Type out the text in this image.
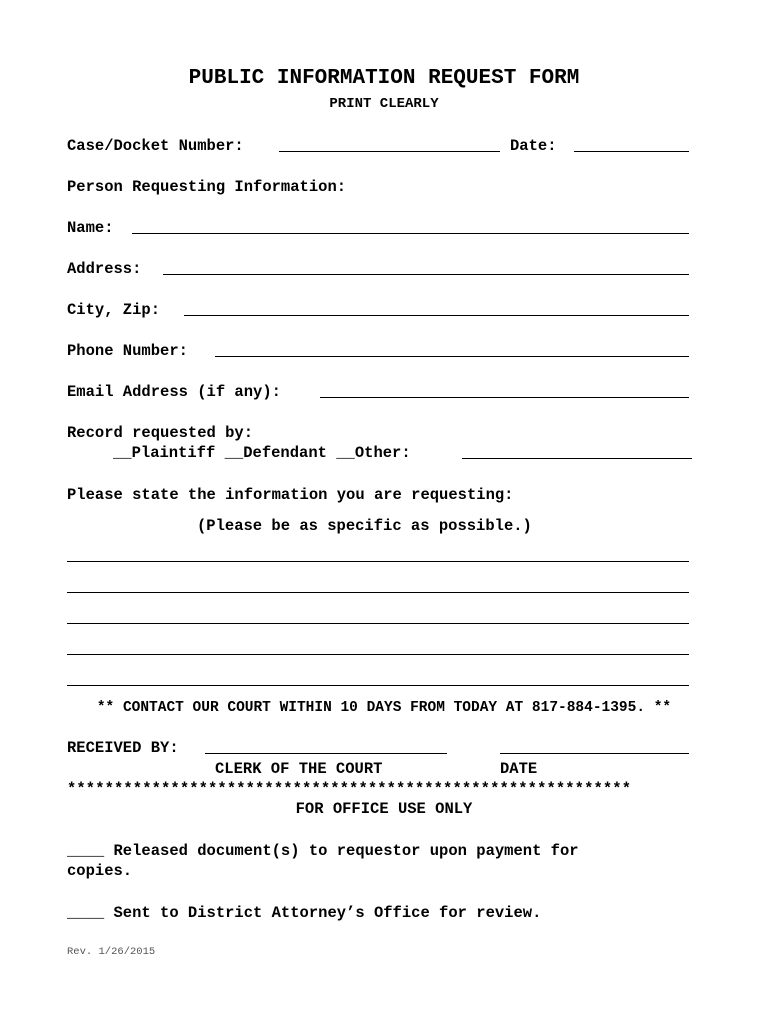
PUBLIC INFORMATION REQUEST FORM
PRINT CLEARLY
Case/Docket Number:	Date:
Person Requesting Information:
Name:
Address:
City, Zip:
Phone Number:
Email Address (if any):
Record requested by:
__Plaintiff __Defendant __Other:
Please state the information you are requesting:
(Please be as specific as possible.)
** CONTACT OUR COURT WITHIN 10 DAYS FROM TODAY AT 817-884-1395. **
RECEIVED BY:
CLERK OF THE COURT	DATE
************************************************************
FOR OFFICE USE ONLY
____ Released document(s) to requestor upon payment for
copies.
____ Sent to District Attorney’s Office for review.
Rev. 1/26/2015
